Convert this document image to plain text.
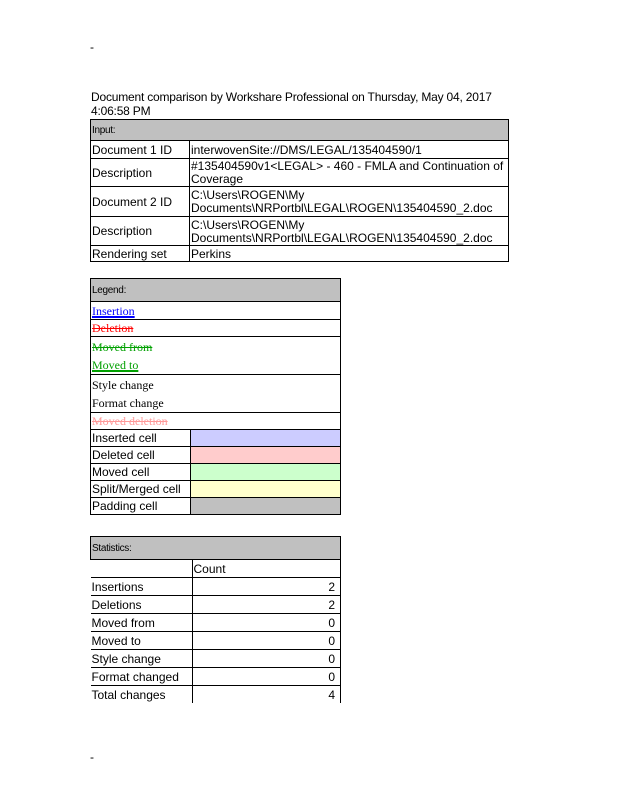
-
Document comparison by Workshare Professional on Thursday, May 04, 2017 4:06:58 PM
Input:	
Document 1 ID	interwovenSite://DMS/LEGAL/135404590/1
Description	#135404590v1<LEGAL> - 460 - FMLA and Continuation of Coverage
Document 2 ID	C:\Users\ROGEN\My Documents\NRPortbl\LEGAL\ROGEN\135404590_2.doc
Description	C:\Users\ROGEN\My Documents\NRPortbl\LEGAL\ROGEN\135404590_2.doc
Rendering set	Perkins
Legend:	
Insertion	
Deletion	

Moved from
Moved to	

Style change
Format change	

Moved deletion	
Inserted cell	
Deleted cell	
Moved cell	
Split/Merged cell	
Padding cell	
Statistics:	
	Count
Insertions	2
Deletions	2
Moved from	0
Moved to	0
Style change	0
Format changed	0
Total changes	4
-
